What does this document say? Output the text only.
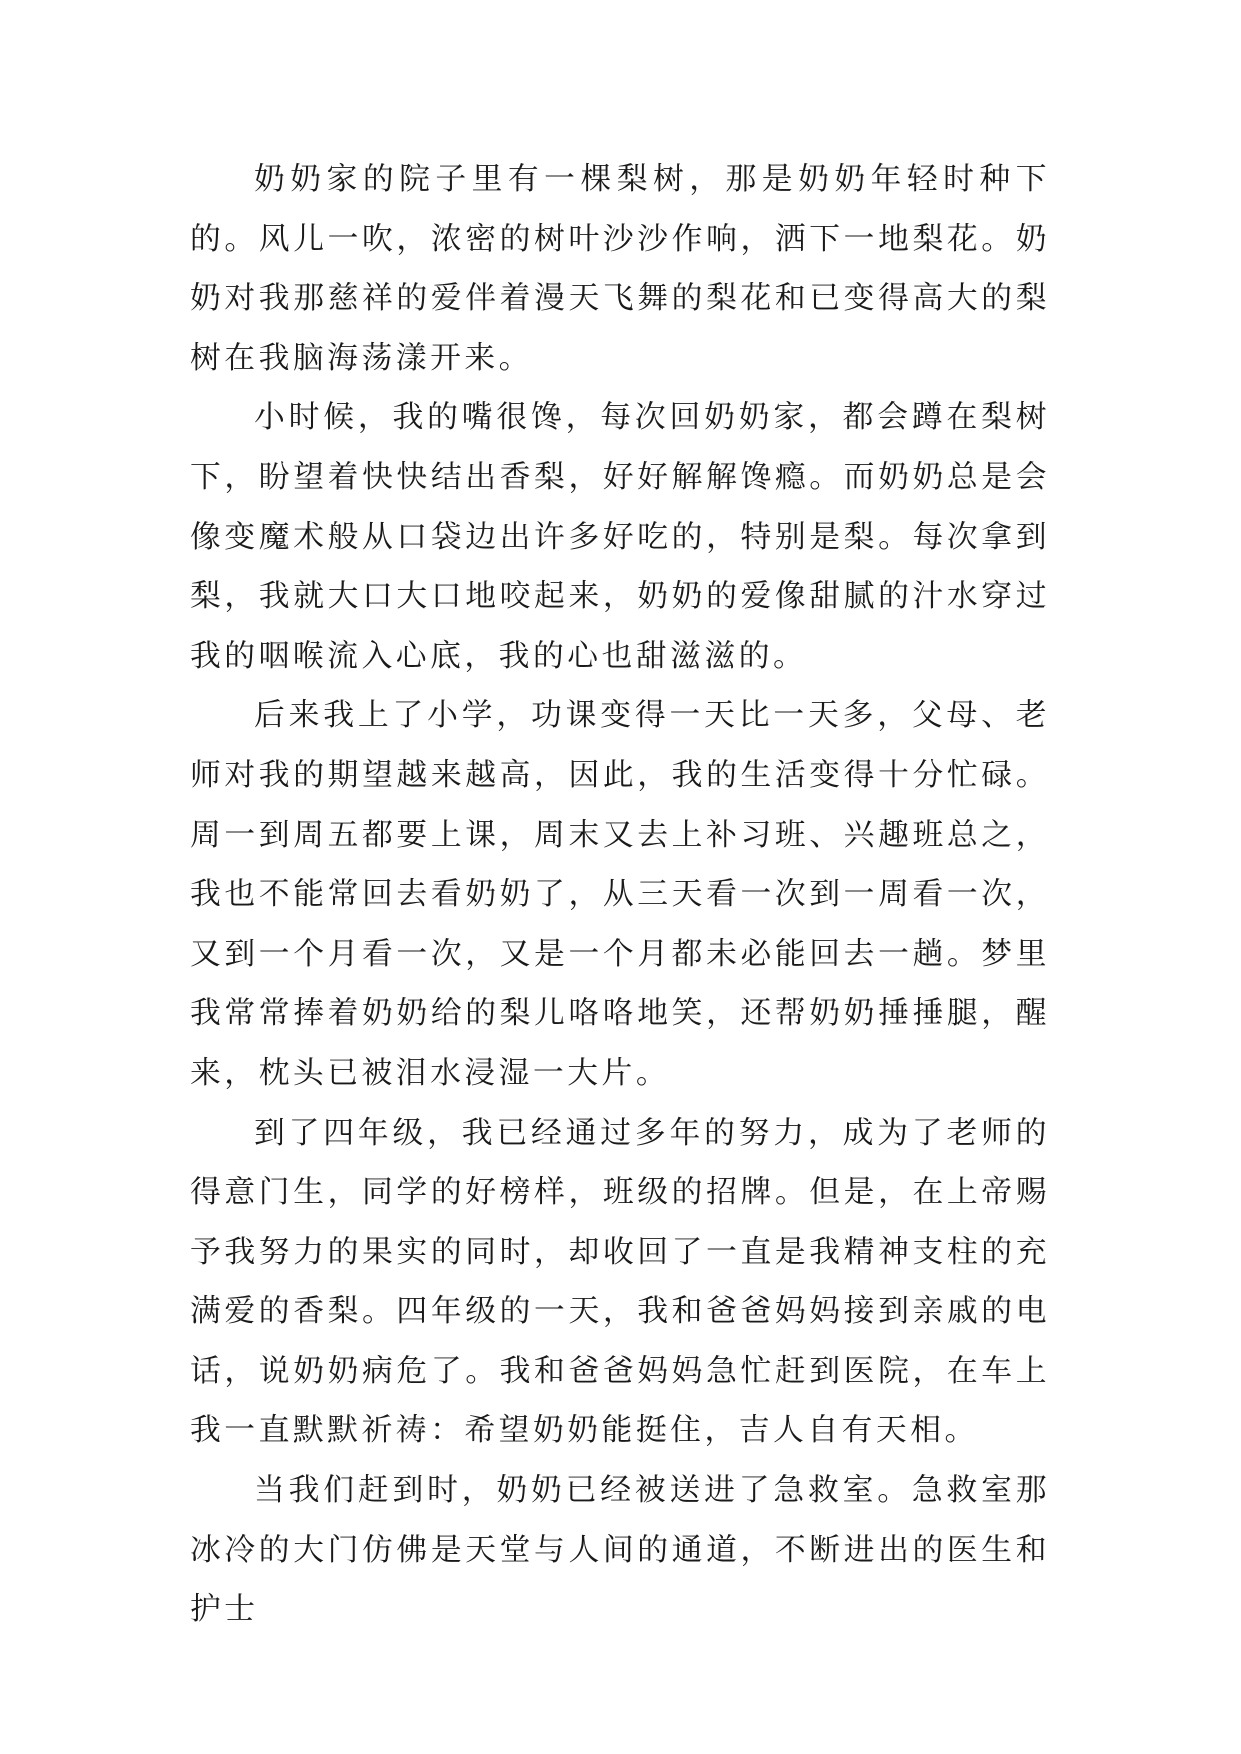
奶奶家的院子里有一棵梨树，那是奶奶年轻时种下的。风儿一吹，浓密的树叶沙沙作响，洒下一地梨花。奶奶对我那慈祥的爱伴着漫天飞舞的梨花和已变得高大的梨树在我脑海荡漾开来。

小时候，我的嘴很馋，每次回奶奶家，都会蹲在梨树下，盼望着快快结出香梨，好好解解馋瘾。而奶奶总是会像变魔术般从口袋边出许多好吃的，特别是梨。每次拿到梨，我就大口大口地咬起来，奶奶的爱像甜腻的汁水穿过我的咽喉流入心底，我的心也甜滋滋的。

后来我上了小学，功课变得一天比一天多，父母、老师对我的期望越来越高，因此，我的生活变得十分忙碌。周一到周五都要上课，周末又去上补习班、兴趣班总之，我也不能常回去看奶奶了，从三天看一次到一周看一次，又到一个月看一次，又是一个月都未必能回去一趟。梦里我常常捧着奶奶给的梨儿咯咯地笑，还帮奶奶捶捶腿，醒来，枕头已被泪水浸湿一大片。

到了四年级，我已经通过多年的努力，成为了老师的得意门生，同学的好榜样，班级的招牌。但是，在上帝赐予我努力的果实的同时，却收回了一直是我精神支柱的充满爱的香梨。四年级的一天，我和爸爸妈妈接到亲戚的电话，说奶奶病危了。我和爸爸妈妈急忙赶到医院，在车上我一直默默祈祷：希望奶奶能挺住，吉人自有天相。

当我们赶到时，奶奶已经被送进了急救室。急救室那冰冷的大门仿佛是天堂与人间的通道，不断进出的医生和护士
